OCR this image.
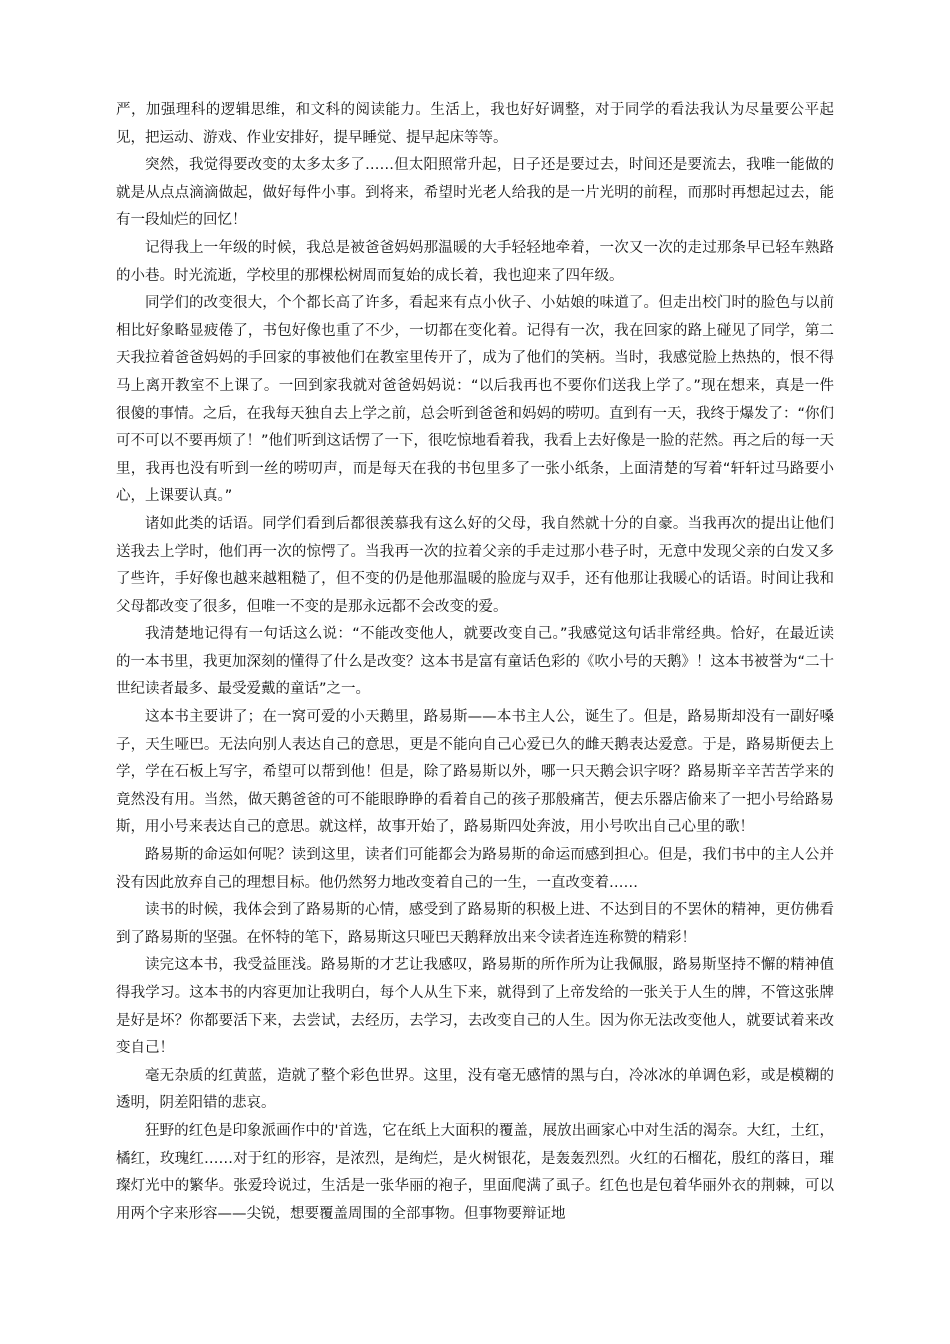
严，加强理科的逻辑思维，和文科的阅读能力。生活上，我也好好调整，对于同学的看法我认为尽量要公平起见，把运动、游戏、作业安排好，提早睡觉、提早起床等等。

突然，我觉得要改变的太多太多了……但太阳照常升起，日子还是要过去，时间还是要流去，我唯一能做的就是从点点滴滴做起，做好每件小事。到将来，希望时光老人给我的是一片光明的前程，而那时再想起过去，能有一段灿烂的回忆！

记得我上一年级的时候，我总是被爸爸妈妈那温暖的大手轻轻地牵着，一次又一次的走过那条早已轻车熟路的小巷。时光流逝，学校里的那棵松树周而复始的成长着，我也迎来了四年级。

同学们的改变很大，个个都长高了许多，看起来有点小伙子、小姑娘的味道了。但走出校门时的脸色与以前相比好象略显疲倦了，书包好像也重了不少，一切都在变化着。记得有一次，我在回家的路上碰见了同学，第二天我拉着爸爸妈妈的手回家的事被他们在教室里传开了，成为了他们的笑柄。当时，我感觉脸上热热的，恨不得马上离开教室不上课了。一回到家我就对爸爸妈妈说：“以后我再也不要你们送我上学了。”现在想来，真是一件很傻的事情。之后，在我每天独自去上学之前，总会听到爸爸和妈妈的唠叨。直到有一天，我终于爆发了：“你们可不可以不要再烦了！”他们听到这话愣了一下，很吃惊地看着我，我看上去好像是一脸的茫然。再之后的每一天里，我再也没有听到一丝的唠叨声，而是每天在我的书包里多了一张小纸条，上面清楚的写着“轩轩过马路要小心，上课要认真。”

诸如此类的话语。同学们看到后都很羡慕我有这么好的父母，我自然就十分的自豪。当我再次的提出让他们送我去上学时，他们再一次的惊愕了。当我再一次的拉着父亲的手走过那小巷子时，无意中发现父亲的白发又多了些许，手好像也越来越粗糙了，但不变的仍是他那温暖的脸庞与双手，还有他那让我暖心的话语。时间让我和父母都改变了很多，但唯一不变的是那永远都不会改变的爱。

我清楚地记得有一句话这么说：“不能改变他人，就要改变自己。”我感觉这句话非常经典。恰好，在最近读的一本书里，我更加深刻的懂得了什么是改变？这本书是富有童话色彩的《吹小号的天鹅》！这本书被誉为“二十世纪读者最多、最受爱戴的童话”之一。

这本书主要讲了；在一窝可爱的小天鹅里，路易斯——本书主人公，诞生了。但是，路易斯却没有一副好嗓子，天生哑巴。无法向别人表达自己的意思，更是不能向自己心爱已久的雌天鹅表达爱意。于是，路易斯便去上学，学在石板上写字，希望可以帮到他！但是，除了路易斯以外，哪一只天鹅会识字呀？路易斯辛辛苦苦学来的竟然没有用。当然，做天鹅爸爸的可不能眼睁睁的看着自己的孩子那般痛苦，便去乐器店偷来了一把小号给路易斯，用小号来表达自己的意思。就这样，故事开始了，路易斯四处奔波，用小号吹出自己心里的歌！

路易斯的命运如何呢？读到这里，读者们可能都会为路易斯的命运而感到担心。但是，我们书中的主人公并没有因此放弃自己的理想目标。他仍然努力地改变着自己的一生，一直改变着……

读书的时候，我体会到了路易斯的心情，感受到了路易斯的积极上进、不达到目的不罢休的精神，更仿佛看到了路易斯的坚强。在怀特的笔下，路易斯这只哑巴天鹅释放出来令读者连连称赞的精彩！

读完这本书，我受益匪浅。路易斯的才艺让我感叹，路易斯的所作所为让我佩服，路易斯坚持不懈的精神值得我学习。这本书的内容更加让我明白，每个人从生下来，就得到了上帝发给的一张关于人生的牌，不管这张牌是好是坏？你都要活下来，去尝试，去经历，去学习，去改变自己的人生。因为你无法改变他人，就要试着来改变自己！

毫无杂质的红黄蓝，造就了整个彩色世界。这里，没有毫无感情的黑与白，冷冰冰的单调色彩，或是模糊的透明，阴差阳错的悲哀。

狂野的红色是印象派画作中的'首选，它在纸上大面积的覆盖，展放出画家心中对生活的渴奈。大红，土红，橘红，玫瑰红……对于红的形容，是浓烈，是绚烂，是火树银花，是轰轰烈烈。火红的石榴花，殷红的落日，璀璨灯光中的繁华。张爱玲说过，生活是一张华丽的袍子，里面爬满了虱子。红色也是包着华丽外衣的荆棘，可以用两个字来形容——尖锐，想要覆盖周围的全部事物。但事物要辩证地
